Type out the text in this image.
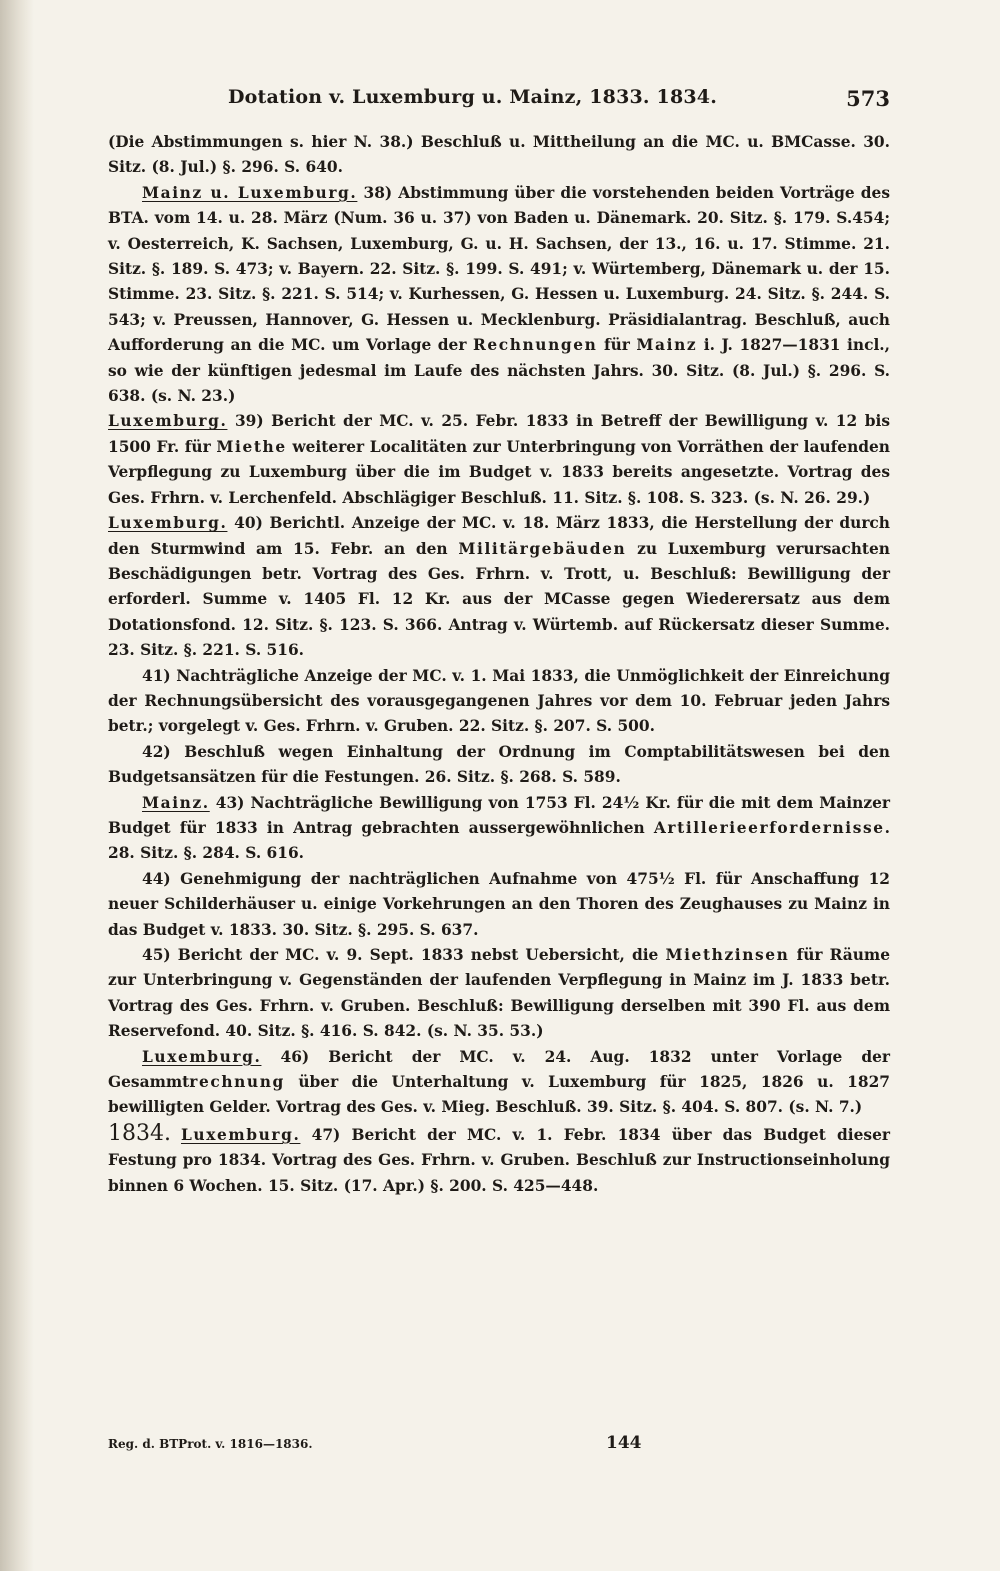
Dotation v. Luxemburg u. Mainz, 1833. 1834.	573

(Die Abstimmungen s. hier N. 38.) Beschluß u. Mittheilung an die MC. u. BMCasse. 30. Sitz. (8. Jul.) §. 296. S. 640.

Mainz u. Luxemburg. 38) Abstimmung über die vorstehenden beiden Vorträge des BTA. vom 14. u. 28. März (Num. 36 u. 37) von Baden u. Dänemark. 20. Sitz. §. 179. S.454; v. Oesterreich, K. Sachsen, Luxemburg, G. u. H. Sachsen, der 13., 16. u. 17. Stimme. 21. Sitz. §. 189. S. 473; v. Bayern. 22. Sitz. §. 199. S. 491; v. Würtemberg, Dänemark u. der 15. Stimme. 23. Sitz. §. 221. S. 514; v. Kurhessen, G. Hessen u. Luxemburg. 24. Sitz. §. 244. S. 543; v. Preussen, Hannover, G. Hessen u. Mecklenburg. Präsidialantrag. Beschluß, auch Aufforderung an die MC. um Vorlage der Rechnungen für Mainz i. J. 1827—1831 incl., so wie der künftigen jedesmal im Laufe des nächsten Jahrs. 30. Sitz. (8. Jul.) §. 296. S. 638. (s. N. 23.)

Luxemburg. 39) Bericht der MC. v. 25. Febr. 1833 in Betreff der Bewilligung v. 12 bis 1500 Fr. für Miethe weiterer Localitäten zur Unterbringung von Vorräthen der laufenden Verpflegung zu Luxemburg über die im Budget v. 1833 bereits angesetzte. Vortrag des Ges. Frhrn. v. Lerchenfeld. Abschlägiger Beschluß. 11. Sitz. §. 108. S. 323. (s. N. 26. 29.)

Luxemburg. 40) Berichtl. Anzeige der MC. v. 18. März 1833, die Herstellung der durch den Sturmwind am 15. Febr. an den Militärgebäuden zu Luxemburg verursachten Beschädigungen betr. Vortrag des Ges. Frhrn. v. Trott, u. Beschluß: Bewilligung der erforderl. Summe v. 1405 Fl. 12 Kr. aus der MCasse gegen Wiederersatz aus dem Dotationsfond. 12. Sitz. §. 123. S. 366. Antrag v. Würtemb. auf Rückersatz dieser Summe. 23. Sitz. §. 221. S. 516.

41) Nachträgliche Anzeige der MC. v. 1. Mai 1833, die Unmöglichkeit der Einreichung der Rechnungsübersicht des vorausgegangenen Jahres vor dem 10. Februar jeden Jahrs betr.; vorgelegt v. Ges. Frhrn. v. Gruben. 22. Sitz. §. 207. S. 500.

42) Beschluß wegen Einhaltung der Ordnung im Comptabilitätswesen bei den Budgetsansätzen für die Festungen. 26. Sitz. §. 268. S. 589.

Mainz. 43) Nachträgliche Bewilligung von 1753 Fl. 24½ Kr. für die mit dem Mainzer Budget für 1833 in Antrag gebrachten aussergewöhnlichen Artillerieerfordernisse. 28. Sitz. §. 284. S. 616.

44) Genehmigung der nachträglichen Aufnahme von 475½ Fl. für Anschaffung 12 neuer Schilderhäuser u. einige Vorkehrungen an den Thoren des Zeughauses zu Mainz in das Budget v. 1833. 30. Sitz. §. 295. S. 637.

45) Bericht der MC. v. 9. Sept. 1833 nebst Uebersicht, die Miethzinsen für Räume zur Unterbringung v. Gegenständen der laufenden Verpflegung in Mainz im J. 1833 betr. Vortrag des Ges. Frhrn. v. Gruben. Beschluß: Bewilligung derselben mit 390 Fl. aus dem Reservefond. 40. Sitz. §. 416. S. 842. (s. N. 35. 53.)

Luxemburg. 46) Bericht der MC. v. 24. Aug. 1832 unter Vorlage der Gesammtrechnung über die Unterhaltung v. Luxemburg für 1825, 1826 u. 1827 bewilligten Gelder. Vortrag des Ges. v. Mieg. Beschluß. 39. Sitz. §. 404. S. 807. (s. N. 7.)

1834. Luxemburg. 47) Bericht der MC. v. 1. Febr. 1834 über das Budget dieser Festung pro 1834. Vortrag des Ges. Frhrn. v. Gruben. Beschluß zur Instructionseinholung binnen 6 Wochen. 15. Sitz. (17. Apr.) §. 200. S. 425—448.

Reg. d. BTProt. v. 1816—1836.	144
